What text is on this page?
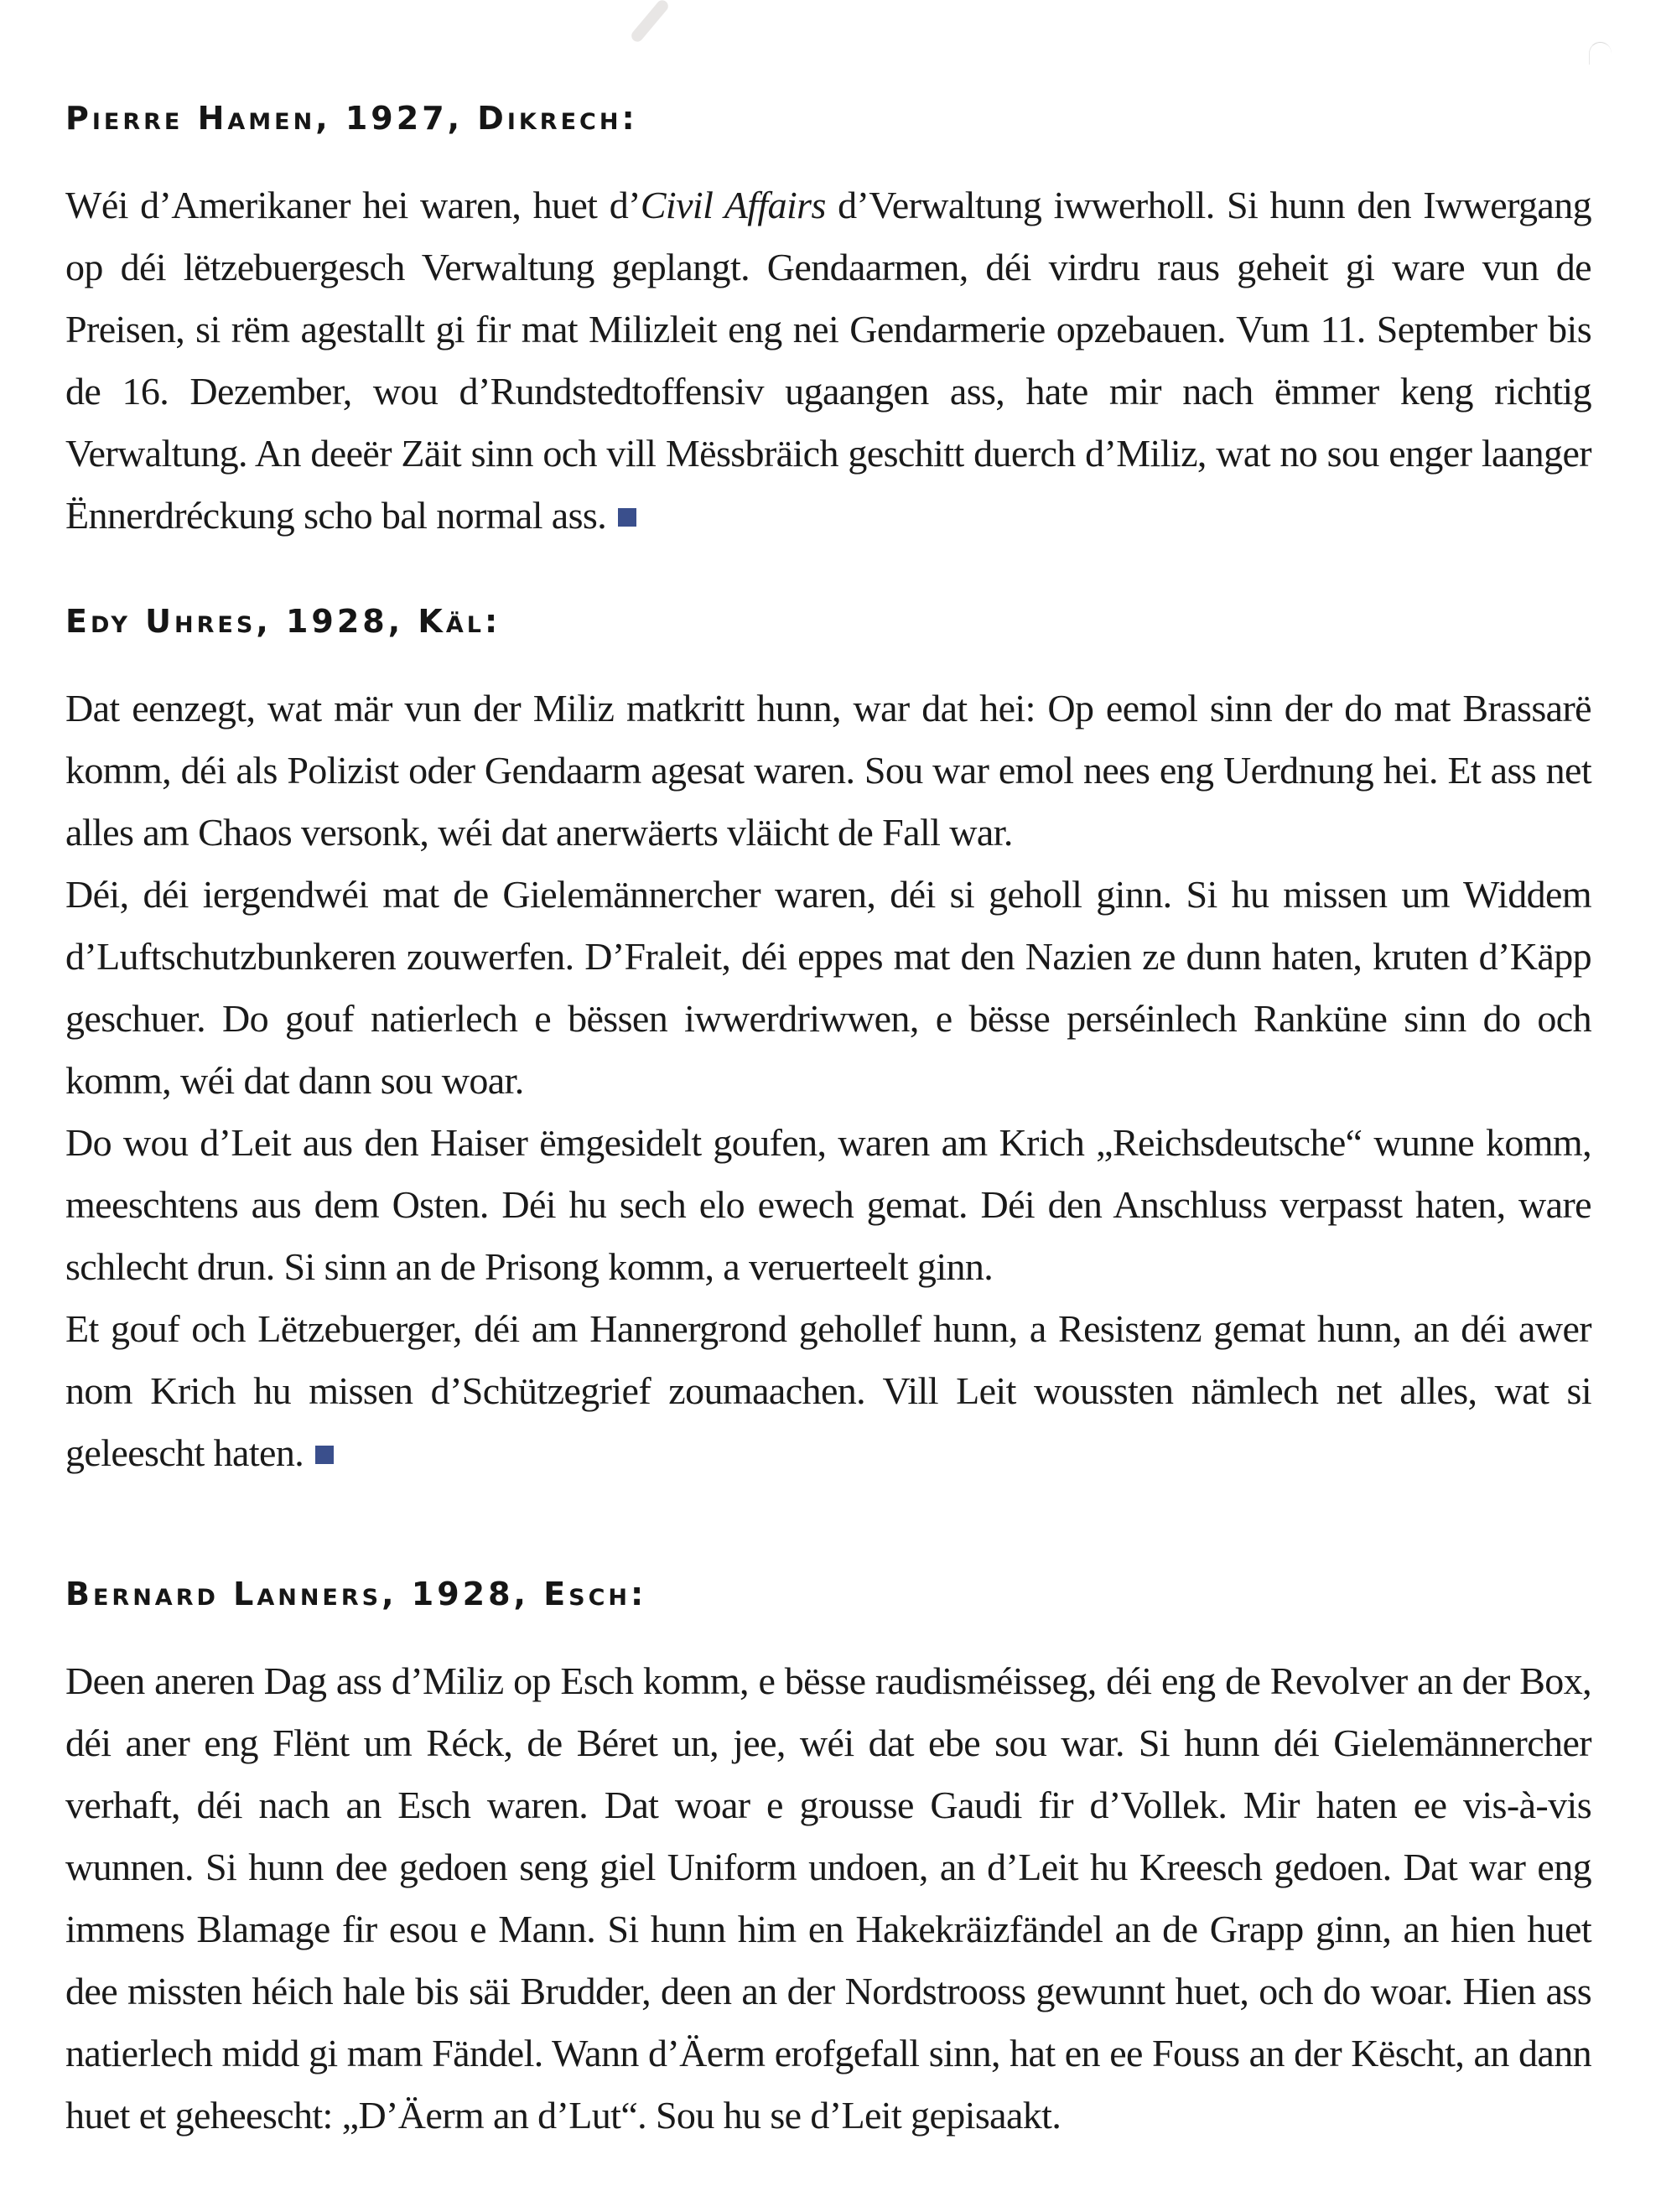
Pierre Hamen, 1927, Dikrech:

Wéi d’Amerikaner hei waren, huet d’Civil Affairs d’Verwaltung iwwerholl. Si hunn den Iwwergang op déi lëtzebuergesch Verwaltung geplangt. Gendaarmen, déi virdru raus geheit gi ware vun de Preisen, si rëm agestallt gi fir mat Milizleit eng nei Gendarmerie opzebauen. Vum 11. September bis de 16. Dezember, wou d’Rundstedtoffensiv ugaangen ass, hate mir nach ëmmer keng richtig Verwaltung. An deeër Zäit sinn och vill Mëssbräich geschitt duerch d’Miliz, wat no sou enger laanger Ënnerdréckung scho bal normal ass.

Edy Uhres, 1928, Käl:

Dat eenzegt, wat mär vun der Miliz matkritt hunn, war dat hei: Op eemol sinn der do mat Brassarë komm, déi als Polizist oder Gendaarm agesat waren. Sou war emol nees eng Uerdnung hei. Et ass net alles am Chaos versonk, wéi dat anerwäerts vläicht de Fall war.

Déi, déi iergendwéi mat de Gielemännercher waren, déi si geholl ginn. Si hu missen um Widdem d’Luftschutzbunkeren zouwerfen. D’Fraleit, déi eppes mat den Nazien ze dunn haten, kruten d’Käpp geschuer. Do gouf natierlech e bëssen iwwerdriwwen, e bësse perséinlech Ranküne sinn do och komm, wéi dat dann sou woar.

Do wou d’Leit aus den Haiser ëmgesidelt goufen, waren am Krich „Reichsdeutsche“ wunne komm, meeschtens aus dem Osten. Déi hu sech elo ewech gemat. Déi den Anschluss verpasst haten, ware schlecht drun. Si sinn an de Prisong komm, a veruerteelt ginn.

Et gouf och Lëtzebuerger, déi am Hannergrond gehollef hunn, a Resistenz gemat hunn, an déi awer nom Krich hu missen d’Schützegrief zoumaachen. Vill Leit woussten nämlech net alles, wat si geleescht haten.

Bernard Lanners, 1928, Esch:

Deen aneren Dag ass d’Miliz op Esch komm, e bësse raudisméisseg, déi eng de Revolver an der Box, déi aner eng Flënt um Réck, de Béret un, jee, wéi dat ebe sou war. Si hunn déi Gielemännercher verhaft, déi nach an Esch waren. Dat woar e grousse Gaudi fir d’Vollek. Mir haten ee vis-à-vis wunnen. Si hunn dee gedoen seng giel Uniform undoen, an d’Leit hu Kreesch gedoen. Dat war eng immens Blamage fir esou e Mann. Si hunn him en Hakekräizfändel an de Grapp ginn, an hien huet dee missten héich hale bis säi Brudder, deen an der Nordstrooss gewunnt huet, och do woar. Hien ass natierlech midd gi mam Fändel. Wann d’Äerm erofgefall sinn, hat en ee Fouss an der Këscht, an dann huet et geheescht: „D’Äerm an d’Lut“. Sou hu se d’Leit gepisaakt.
